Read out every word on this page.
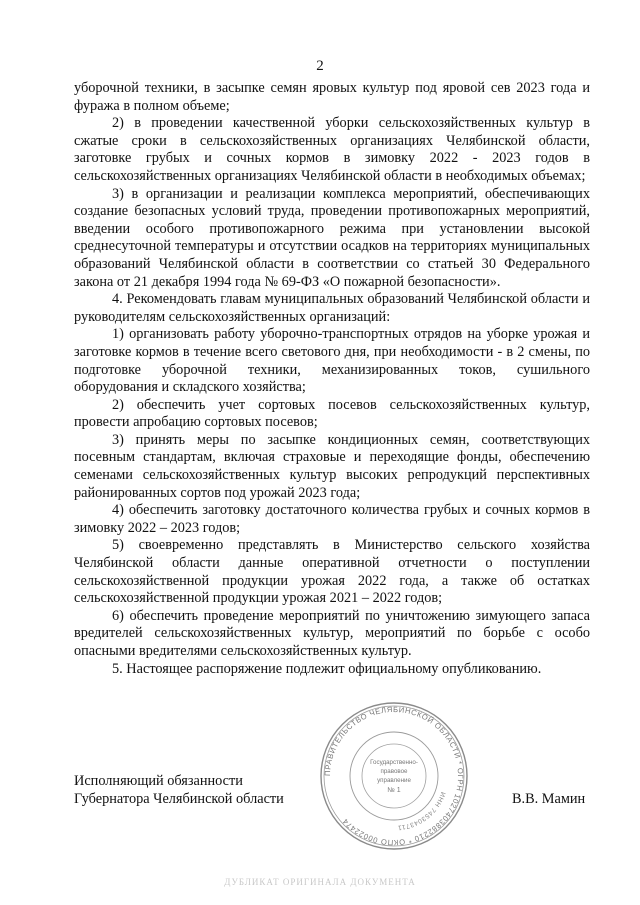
2

уборочной техники, в засыпке семян яровых культур под яровой сев 2023 года и фуража в полном объеме;

2) в проведении качественной уборки сельскохозяйственных культур в сжатые сроки в сельскохозяйственных организациях Челябинской области, заготовке грубых и сочных кормов в зимовку 2022 - 2023 годов в сельскохозяйственных организациях Челябинской области в необходимых объемах;

3) в организации и реализации комплекса мероприятий, обеспечивающих создание безопасных условий труда, проведении противопожарных мероприятий, введении особого противопожарного режима при установлении высокой среднесуточной температуры и отсутствии осадков на территориях муниципальных образований Челябинской области в соответствии со статьей 30 Федерального закона от 21 декабря 1994 года № 69-ФЗ «О пожарной безопасности».

4. Рекомендовать главам муниципальных образований Челябинской области и руководителям сельскохозяйственных организаций:

1) организовать работу уборочно-транспортных отрядов на уборке урожая и заготовке кормов в течение всего светового дня, при необходимости - в 2 смены, по подготовке уборочной техники, механизированных токов, сушильного оборудования и складского хозяйства;

2) обеспечить учет сортовых посевов сельскохозяйственных культур, провести апробацию сортовых посевов;

3) принять меры по засыпке кондиционных семян, соответствующих посевным стандартам, включая страховые и переходящие фонды, обеспечению семенами сельскохозяйственных культур высоких репродукций перспективных районированных сортов под урожай 2023 года;

4) обеспечить заготовку достаточного количества грубых и сочных кормов в зимовку 2022 – 2023 годов;

5) своевременно представлять в Министерство сельского хозяйства Челябинской области данные оперативной отчетности о поступлении сельскохозяйственной продукции урожая 2022 года, а также об остатках сельскохозяйственной продукции урожая 2021 – 2022 годов;

6) обеспечить проведение мероприятий по уничтожению зимующего запаса вредителей сельскохозяйственных культур, мероприятий по борьбе с особо опасными вредителями сельскохозяйственных культур.

5. Настоящее распоряжение подлежит официальному опубликованию.

Исполняющий обязанности
Губернатора Челябинской области
ПРАВИТЕЛЬСТВО ЧЕЛЯБИНСКОЙ ОБЛАСТИ * ОГРН 1027403882210 * ОКПО 00022474
ИНН 7453043711
Государственно-
правовое
управление
№ 1
В.В. Мамин
ДУБЛИКАТ ОРИГИНАЛА ДОКУМЕНТА
